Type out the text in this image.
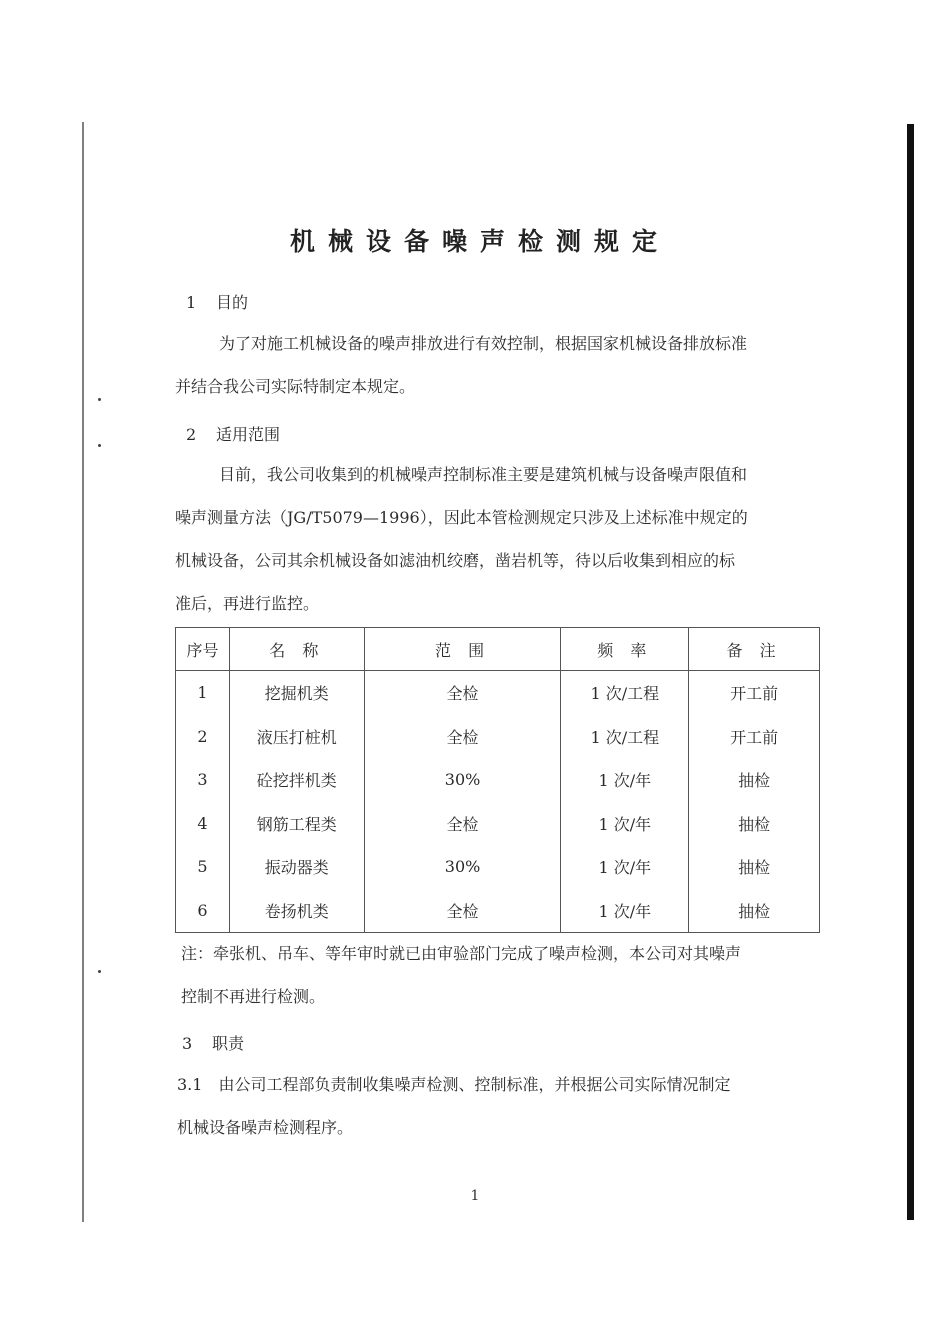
机械设备噪声检测规定
1 目的
为了对施工机械设备的噪声排放进行有效控制，根据国家机械设备排放标准
并结合我公司实际特制定本规定。
2 适用范围
目前，我公司收集到的机械噪声控制标准主要是建筑机械与设备噪声限值和
噪声测量方法（JG/T5079—1996），因此本管检测规定只涉及上述标准中规定的
机械设备，公司其余机械设备如滤油机绞磨，凿岩机等，待以后收集到相应的标
准后，再进行监控。
序号	名 称	范 围	频 率	备 注
1	挖掘机类	全检	1 次/工程	开工前
2	液压打桩机	全检	1 次/工程	开工前
3	砼挖拌机类	30%	1 次/年	抽检
4	钢筋工程类	全检	1 次/年	抽检
5	振动器类	30%	1 次/年	抽检
6	卷扬机类	全检	1 次/年	抽检
注：牵张机、吊车、等年审时就已由审验部门完成了噪声检测，本公司对其噪声
控制不再进行检测。
3 职责
3.1　由公司工程部负责制收集噪声检测、控制标准，并根据公司实际情况制定
机械设备噪声检测程序。
1
